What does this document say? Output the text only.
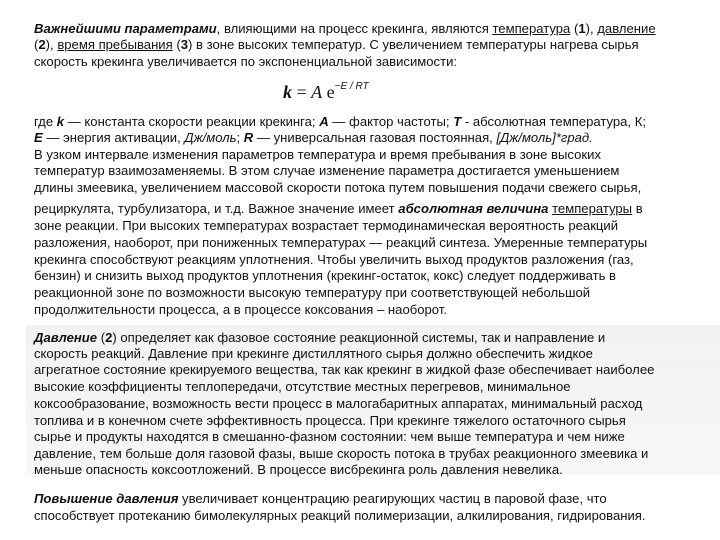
Важнейшими параметрами, влияющими на процесс крекинга, являются температура (1), давление
(2), время пребывания (3) в зоне высоких температур. С увеличением температуры нагрева сырья
скорость крекинга увеличивается по экспоненциальной зависимости:
k = A $e^{-E / RT}$
где k — константа скорости реакции крекинга; A — фактор частоты; T - абсолютная температура, К;
E — энергия активации, Дж/моль; R — универсальная газовая постоянная, [Дж/моль]*град.
В узком интервале изменения параметров температура и время пребывания в зоне высоких
температур взаимозаменяемы. В этом случае изменение параметра достигается уменьшением
длины змеевика, увеличением массовой скорости потока путем повышения подачи свежего сырья,
рециркулята, турбулизатора, и т.д. Важное значение имеет абсолютная величина температуры в
зоне реакции. При высоких температурах возрастает термодинамическая вероятность реакций
разложения, наоборот, при пониженных температурах — реакций синтеза. Умеренные температуры
крекинга способствуют реакциям уплотнения. Чтобы увеличить выход продуктов разложения (газ,
бензин) и снизить выход продуктов уплотнения (крекинг-остаток, кокс) следует поддерживать в
реакционной зоне по возможности высокую температуру при соответствующей небольшой
продолжительности процесса, а в процессе коксования – наоборот.
Давление (2) определяет как фазовое состояние реакционной системы, так и направление и
скорость реакций. Давление при крекинге дистиллятного сырья должно обеспечить жидкое
агрегатное состояние крекируемого вещества, так как крекинг в жидкой фазе обеспечивает наиболее
высокие коэффициенты теплопередачи, отсутствие местных перегревов, минимальное
коксообразование, возможность вести процесс в малогабаритных аппаратах, минимальный расход
топлива и в конечном счете эффективность процесса. При крекинге тяжелого остаточного сырья
сырье и продукты находятся в смешанно-фазном состоянии: чем выше температура и чем ниже
давление, тем больше доля газовой фазы, выше скорость потока в трубах реакционного змеевика и
меньше опасность коксоотложений. В процессе висбрекинга роль давления невелика.
Повышение давления увеличивает концентрацию реагирующих частиц в паровой фазе, что
способствует протеканию бимолекулярных реакций полимеризации, алкилирования, гидрирования.
